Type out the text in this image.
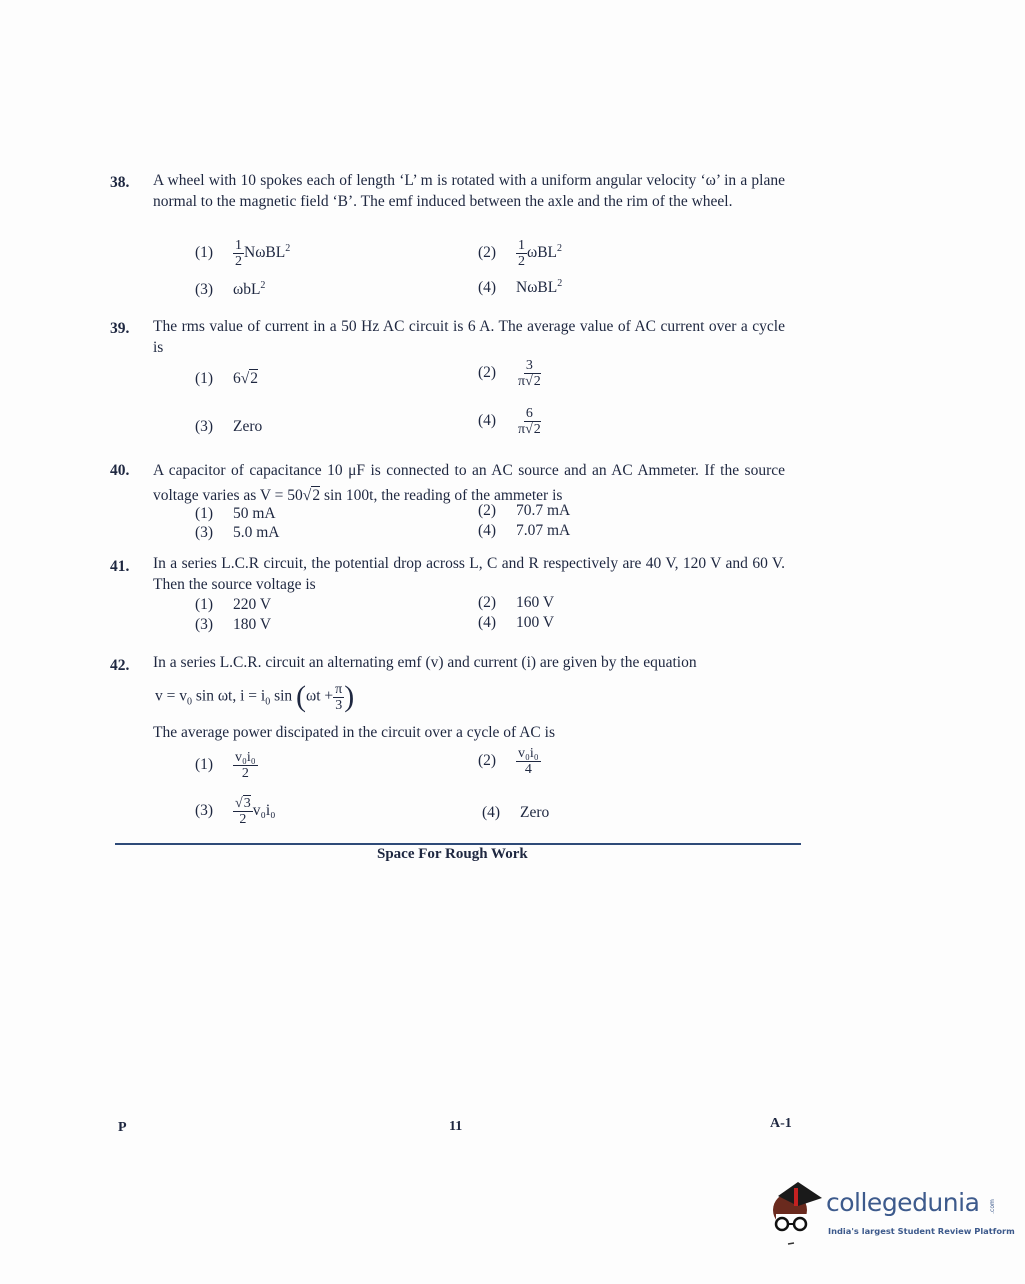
38. A wheel with 10 spokes each of length ‘L’ m is rotated with a uniform angular velocity ‘ω’ in a plane normal to the magnetic field ‘B’. The emf induced between the axle and the rim of the wheel.
$(1) \frac{1}{2} N\omega BL^2$	$(2) \frac{1}{2} \omega BL^2$
(3) ωbL$^2$	(4) NωBL$^2$
39. The rms value of current in a 50 Hz AC circuit is 6 A. The average value of AC current over a cycle is
(1) 6√2	$(2) \frac{3}{\pi√2}$
(3) Zero	$(4) \frac{6}{\pi√2}$
40. A capacitor of capacitance 10 μF is connected to an AC source and an AC Ammeter. If the source voltage varies as V = 50√2 sin 100t, the reading of the ammeter is
(1) 50 mA	(2) 70.7 mA
(3) 5.0 mA	(4) 7.07 mA
41. In a series L.C.R circuit, the potential drop across L, C and R respectively are 40 V, 120 V and 60 V. Then the source voltage is
(1) 220 V	(2) 160 V
(3) 180 V	(4) 100 V
42. In a series L.C.R. circuit an alternating emf (v) and current (i) are given by the equation
$v = v_0$ sin ωt, $i = i_0$ $\sin (\omega t + \frac{\pi}{3}$ )
The average power discipated in the circuit over a cycle of AC is
$(1) \frac{\text{v₀i₀}}{2}$	$(2) \frac{\text{v₀i₀}}{4}$
$(3) \frac{√3}{2} v_0i_0$	(4) Zero
Space For Rough Work
P	11	A-1
collegedunia .com
India's largest Student Review Platform
